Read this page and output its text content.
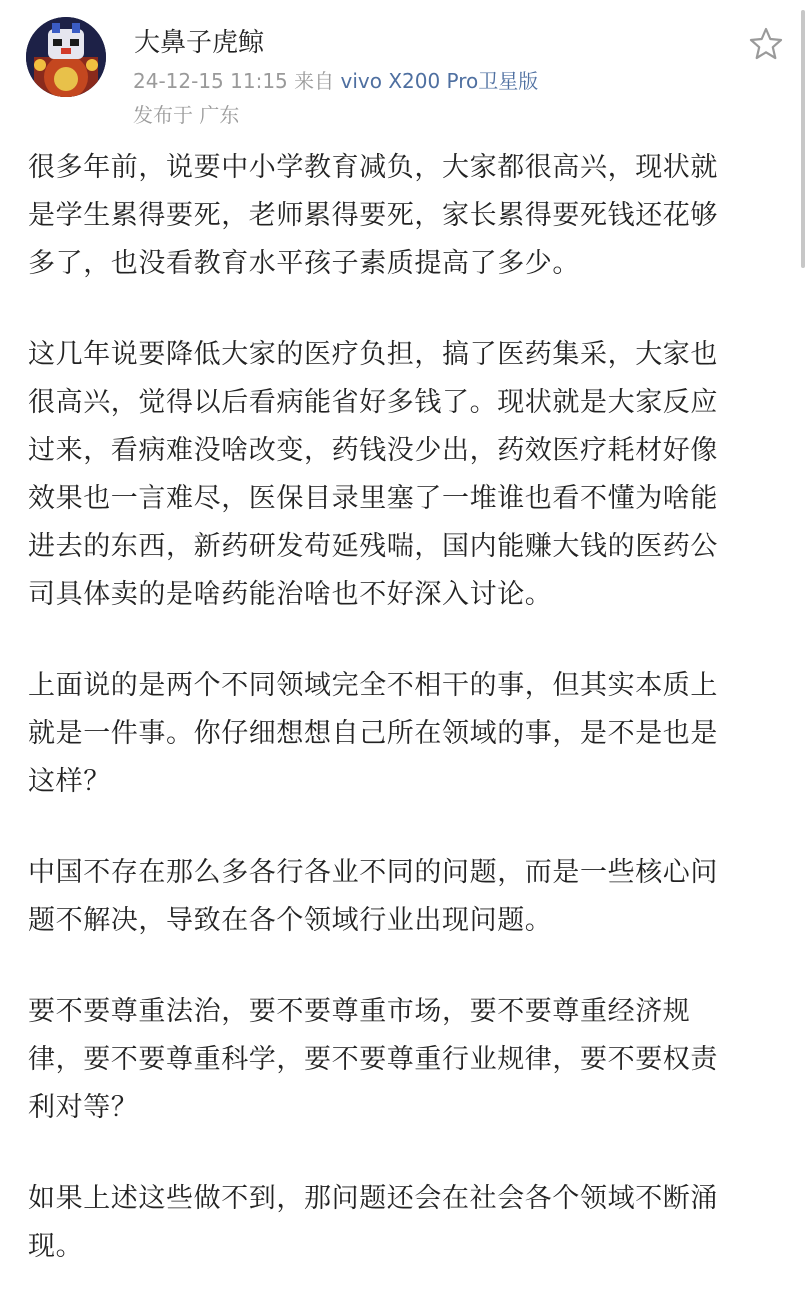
大鼻子虎鲸
24-12-15 11:15 来自 vivo X200 Pro卫星版
发布于 广东

很多年前，说要中小学教育减负，大家都很高兴，现状就
是学生累得要死，老师累得要死，家长累得要死钱还花够
多了，也没看教育水平孩子素质提高了多少。

这几年说要降低大家的医疗负担，搞了医药集采，大家也
很高兴，觉得以后看病能省好多钱了。现状就是大家反应
过来，看病难没啥改变，药钱没少出，药效医疗耗材好像
效果也一言难尽，医保目录里塞了一堆谁也看不懂为啥能
进去的东西，新药研发苟延残喘，国内能赚大钱的医药公
司具体卖的是啥药能治啥也不好深入讨论。

上面说的是两个不同领域完全不相干的事，但其实本质上
就是一件事。你仔细想想自己所在领域的事，是不是也是
这样？

中国不存在那么多各行各业不同的问题，而是一些核心问
题不解决，导致在各个领域行业出现问题。

要不要尊重法治，要不要尊重市场，要不要尊重经济规
律，要不要尊重科学，要不要尊重行业规律，要不要权责
利对等？

如果上述这些做不到，那问题还会在社会各个领域不断涌
现。
